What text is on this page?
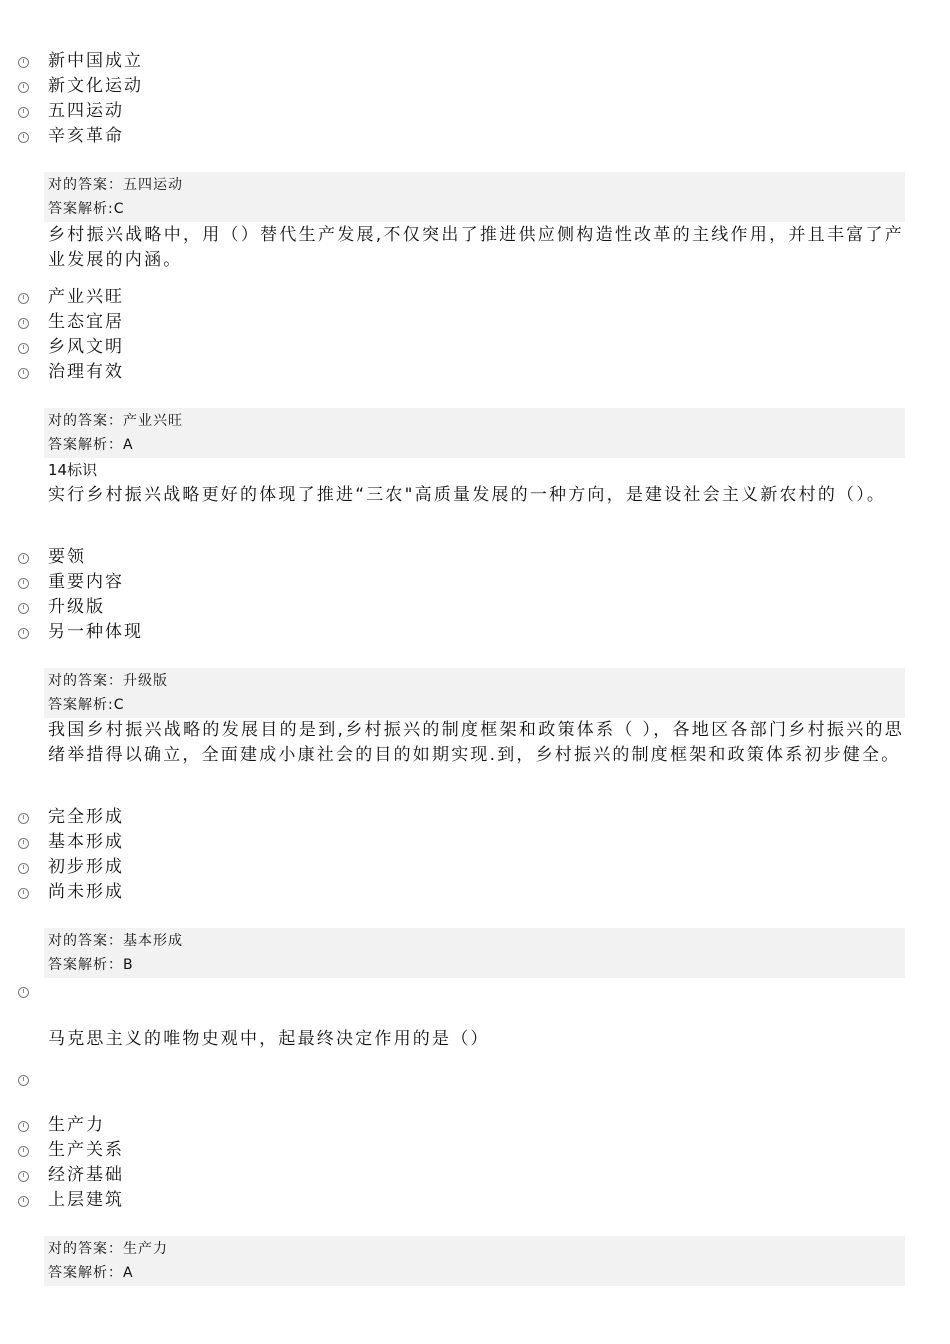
新中国成立
新文化运动
五四运动
辛亥革命
对的答案：五四运动
答案解析:C
乡村振兴战略中，用（）替代生产发展,不仅突出了推进供应侧构造性改革的主线作用，并且丰富了产业发展的内涵。
产业兴旺
生态宜居
乡风文明
治理有效
对的答案：产业兴旺
答案解析：A
14标识
实行乡村振兴战略更好的体现了推进“三农"高质量发展的一种方向，是建设社会主义新农村的（）。
要领
重要内容
升级版
另一种体现
对的答案：升级版
答案解析:C
我国乡村振兴战略的发展目的是到,乡村振兴的制度框架和政策体系（ ），各地区各部门乡村振兴的思绪举措得以确立，全面建成小康社会的目的如期实现.到，乡村振兴的制度框架和政策体系初步健全。
完全形成
基本形成
初步形成
尚未形成
对的答案：基本形成
答案解析：B
马克思主义的唯物史观中，起最终决定作用的是（）
生产力
生产关系
经济基础
上层建筑
对的答案：生产力
答案解析：A
